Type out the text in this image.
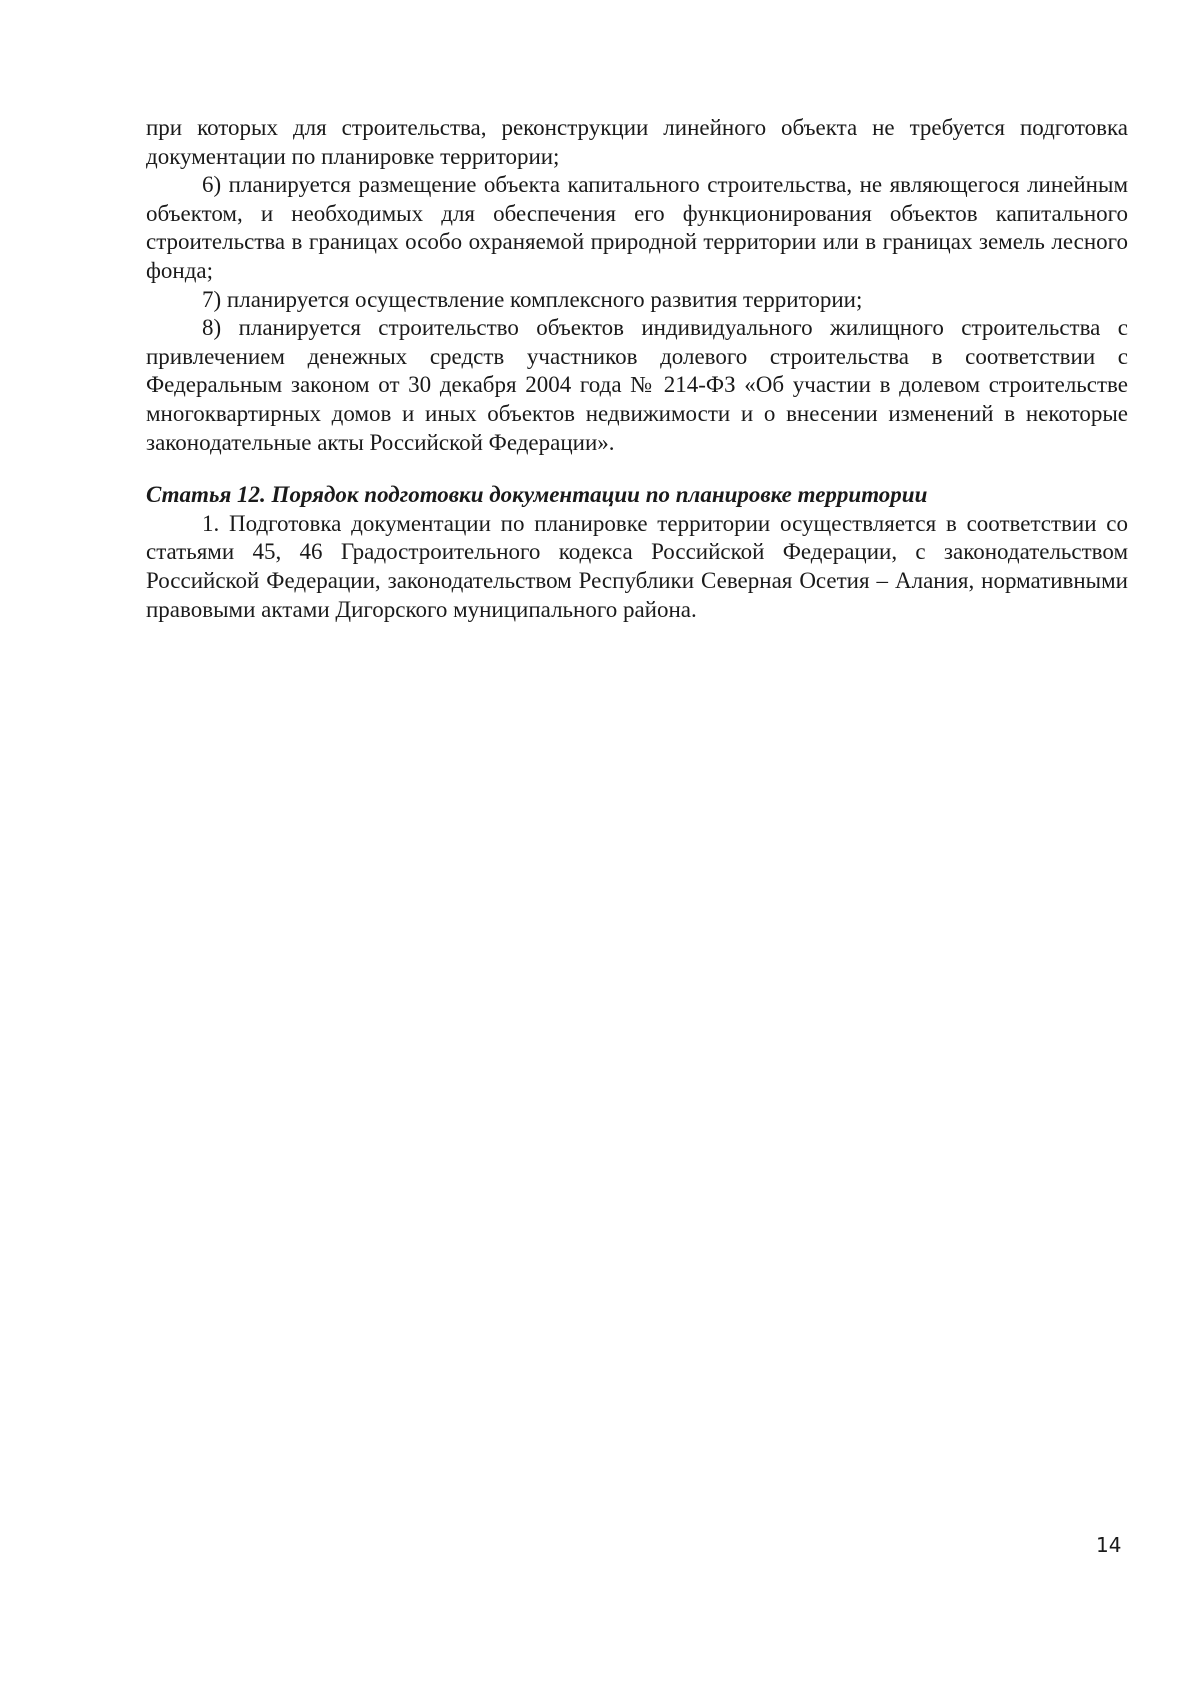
при которых для строительства, реконструкции линейного объекта не требуется подготовка документации по планировке территории;

6) планируется размещение объекта капитального строительства, не являющегося линейным объектом, и необходимых для обеспечения его функционирования объектов капитального строительства в границах особо охраняемой природной территории или в границах земель лесного фонда;

7) планируется осуществление комплексного развития территории;

8) планируется строительство объектов индивидуального жилищного строительства с привлечением денежных средств участников долевого строительства в соответствии с Федеральным законом от 30 декабря 2004 года № 214-ФЗ «Об участии в долевом строительстве многоквартирных домов и иных объектов недвижимости и о внесении изменений в некоторые законодательные акты Российской Федерации».

Статья 12. Порядок подготовки документации по планировке территории

1. Подготовка документации по планировке территории осуществляется в соответствии со статьями 45, 46 Градостроительного кодекса Российской Федерации, с законодательством Российской Федерации, законодательством Республики Северная Осетия – Алания, нормативными правовыми актами Дигорского муниципального района.

14
